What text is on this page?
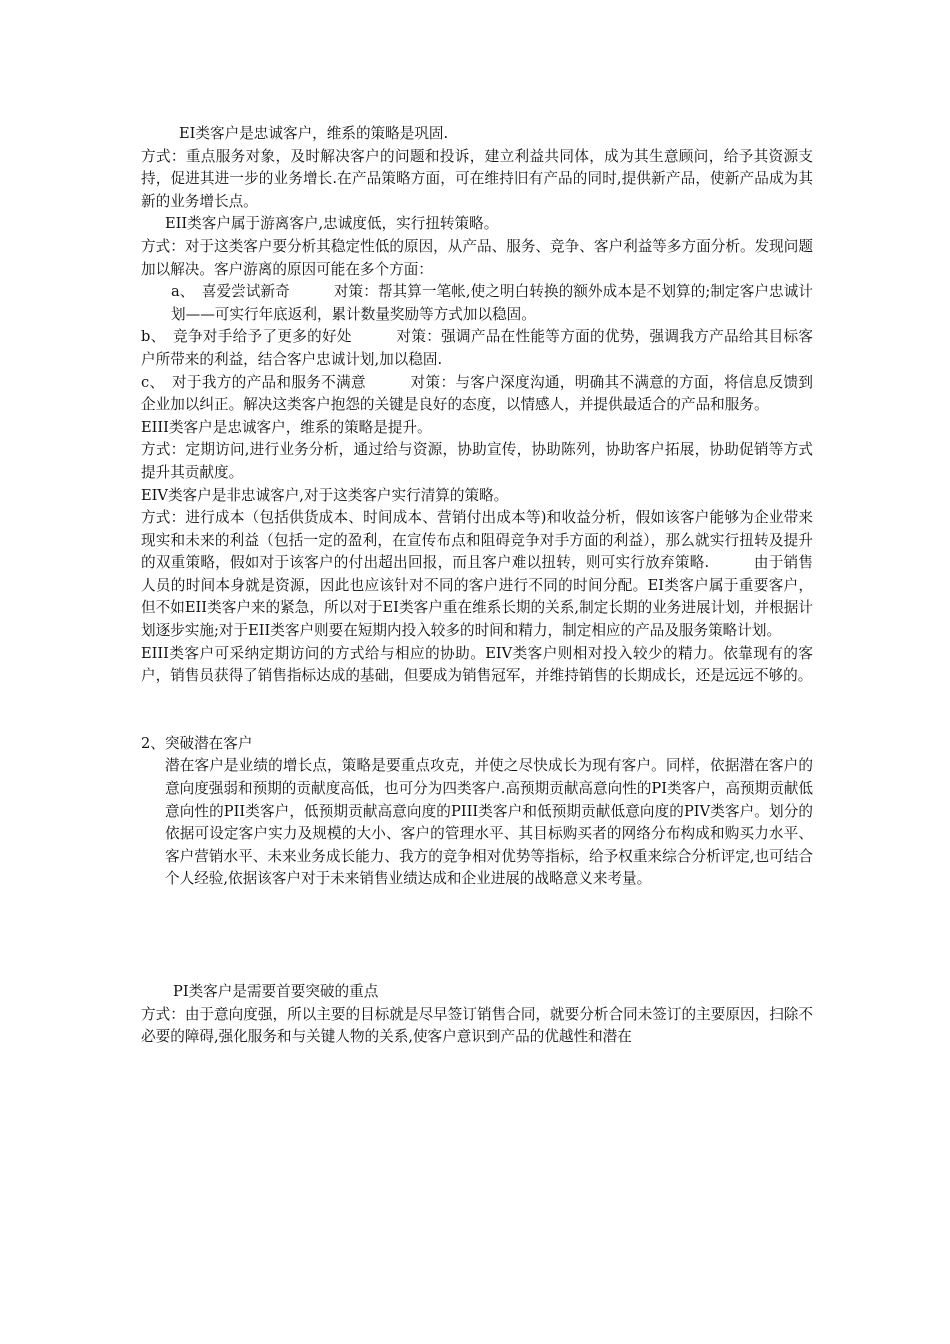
EI类客户是忠诚客户，维系的策略是巩固.

方式：重点服务对象，及时解决客户的问题和投诉，建立利益共同体，成为其生意顾问，给予其资源支持，促进其进一步的业务增长.在产品策略方面，可在维持旧有产品的同时,提供新产品，使新产品成为其新的业务增长点。

EII类客户属于游离客户,忠诚度低，实行扭转策略。

方式：对于这类客户要分析其稳定性低的原因，从产品、服务、竞争、客户利益等多方面分析。发现问题加以解决。客户游离的原因可能在多个方面：

a、　喜爱尝试新奇　　　对策：帮其算一笔帐,使之明白转换的额外成本是不划算的;制定客户忠诚计划——可实行年底返利，累计数量奖励等方式加以稳固。

b、　竞争对手给予了更多的好处　　　对策：强调产品在性能等方面的优势，强调我方产品给其目标客户所带来的利益，结合客户忠诚计划,加以稳固.

c、　对于我方的产品和服务不满意　　　对策：与客户深度沟通，明确其不满意的方面，将信息反馈到企业加以纠正。解决这类客户抱怨的关键是良好的态度，以情感人，并提供最适合的产品和服务。

EIII类客户是忠诚客户，维系的策略是提升。

方式：定期访问,进行业务分析，通过给与资源，协助宣传，协助陈列，协助客户拓展，协助促销等方式提升其贡献度。

EIV类客户是非忠诚客户,对于这类客户实行清算的策略。

方式：进行成本（包括供货成本、时间成本、营销付出成本等)和收益分析，假如该客户能够为企业带来现实和未来的利益（包括一定的盈利，在宣传布点和阻碍竞争对手方面的利益），那么就实行扭转及提升的双重策略，假如对于该客户的付出超出回报，而且客户难以扭转，则可实行放弃策略.　　　由于销售人员的时间本身就是资源，因此也应该针对不同的客户进行不同的时间分配。EI类客户属于重要客户，但不如EII类客户来的紧急，所以对于EI类客户重在维系长期的关系,制定长期的业务进展计划，并根据计划逐步实施;对于EII类客户则要在短期内投入较多的时间和精力，制定相应的产品及服务策略计划。

EIII类客户可采纳定期访问的方式给与相应的协助。EIV类客户则相对投入较少的精力。依靠现有的客户，销售员获得了销售指标达成的基础，但要成为销售冠军，并维持销售的长期成长，还是远远不够的。

2、突破潜在客户

潜在客户是业绩的增长点，策略是要重点攻克，并使之尽快成长为现有客户。同样，依据潜在客户的意向度强弱和预期的贡献度高低，也可分为四类客户.高预期贡献高意向性的PI类客户，高预期贡献低意向性的PII类客户，低预期贡献高意向度的PIII类客户和低预期贡献低意向度的PIV类客户。划分的依据可设定客户实力及规模的大小、客户的管理水平、其目标购买者的网络分布构成和购买力水平、客户营销水平、未来业务成长能力、我方的竞争相对优势等指标，给予权重来综合分析评定,也可结合个人经验,依据该客户对于未来销售业绩达成和企业进展的战略意义来考量。

PI类客户是需要首要突破的重点

方式：由于意向度强，所以主要的目标就是尽早签订销售合同，就要分析合同未签订的主要原因，扫除不必要的障碍,强化服务和与关键人物的关系,使客户意识到产品的优越性和潜在
